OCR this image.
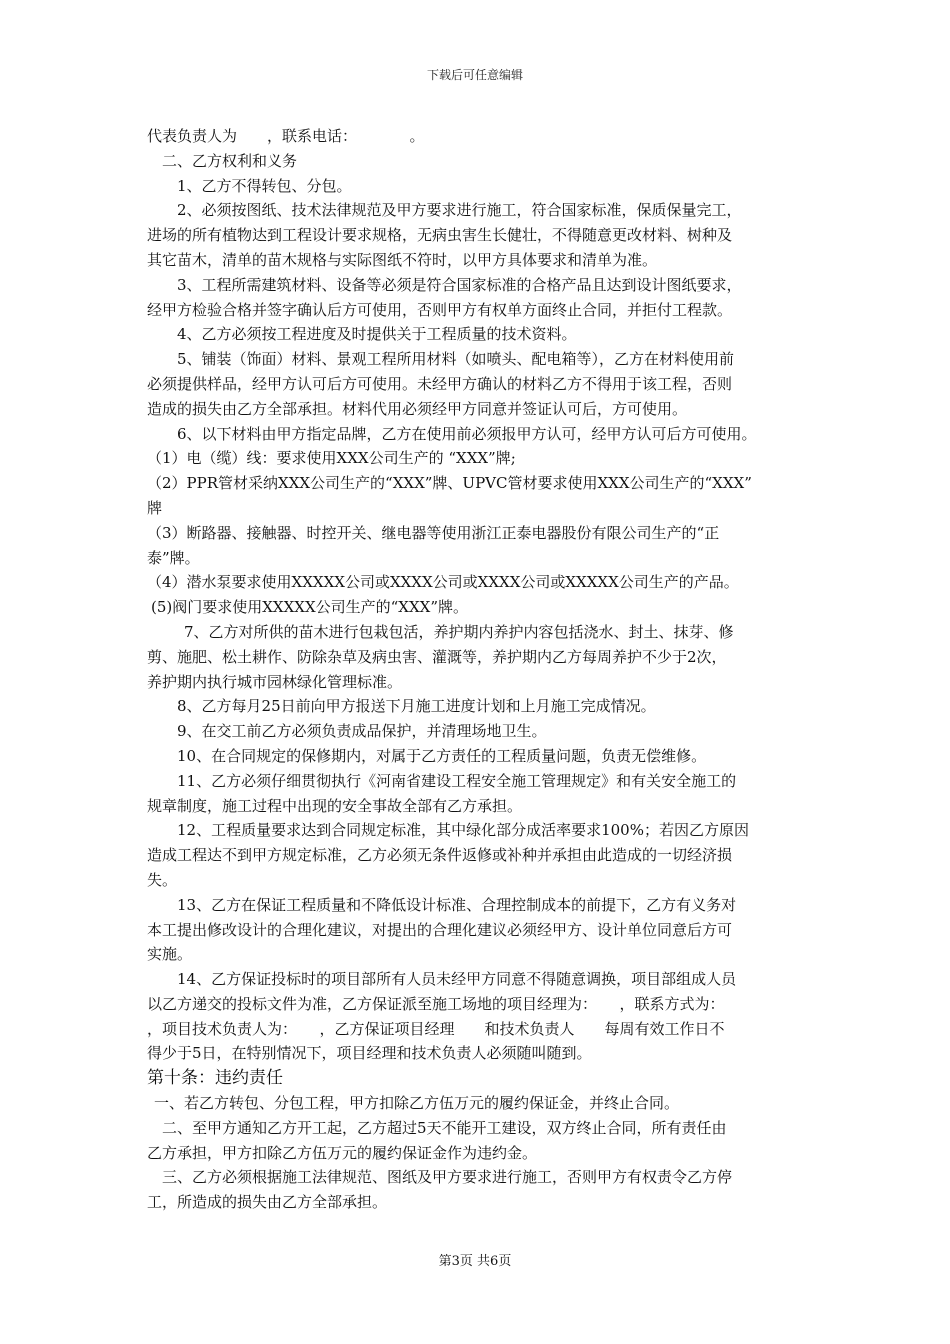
下载后可任意编辑

代表负责人为　　，联系电话：　　　　。

二、乙方权利和义务

1、乙方不得转包、分包。

2、必须按图纸、技术法律规范及甲方要求进行施工，符合国家标准，保质保量完工，

进场的所有植物达到工程设计要求规格，无病虫害生长健壮，不得随意更改材料、树种及

其它苗木，清单的苗木规格与实际图纸不符时，以甲方具体要求和清单为准。

3、工程所需建筑材料、设备等必须是符合国家标准的合格产品且达到设计图纸要求，

经甲方检验合格并签字确认后方可使用，否则甲方有权单方面终止合同，并拒付工程款。

4、乙方必须按工程进度及时提供关于工程质量的技术资料。

5、铺装（饰面）材料、景观工程所用材料（如喷头、配电箱等），乙方在材料使用前

必须提供样品，经甲方认可后方可使用。未经甲方确认的材料乙方不得用于该工程，否则

造成的损失由乙方全部承担。材料代用必须经甲方同意并签证认可后，方可使用。

6、以下材料由甲方指定品牌，乙方在使用前必须报甲方认可，经甲方认可后方可使用。

（1）电（缆）线：要求使用XXX公司生产的 “XXX”牌;

（2）PPR管材采纳XXX公司生产的“XXX”牌、UPVC管材要求使用XXX公司生产的“XXX”

牌

（3）断路器、接触器、时控开关、继电器等使用浙江正泰电器股份有限公司生产的“正

泰”牌。

（4）潜水泵要求使用XXXXX公司或XXXX公司或XXXX公司或XXXXX公司生产的产品。

(5)阀门要求使用XXXXX公司生产的“XXX”牌。

7、乙方对所供的苗木进行包栽包活，养护期内养护内容包括浇水、封土、抹芽、修

剪、施肥、松土耕作、防除杂草及病虫害、灌溉等，养护期内乙方每周养护不少于2次，

养护期内执行城市园林绿化管理标准。

8、乙方每月25日前向甲方报送下月施工进度计划和上月施工完成情况。

9、在交工前乙方必须负责成品保护，并清理场地卫生。

10、在合同规定的保修期内，对属于乙方责任的工程质量问题，负责无偿维修。

11、乙方必须仔细贯彻执行《河南省建设工程安全施工管理规定》和有关安全施工的

规章制度，施工过程中出现的安全事故全部有乙方承担。

12、工程质量要求达到合同规定标准，其中绿化部分成活率要求100%；若因乙方原因

造成工程达不到甲方规定标准，乙方必须无条件返修或补种并承担由此造成的一切经济损

失。

13、乙方在保证工程质量和不降低设计标准、合理控制成本的前提下，乙方有义务对

本工提出修改设计的合理化建议，对提出的合理化建议必须经甲方、设计单位同意后方可

实施。

14、乙方保证投标时的项目部所有人员未经甲方同意不得随意调换，项目部组成人员

以乙方递交的投标文件为准，乙方保证派至施工场地的项目经理为：　　，联系方式为：

，项目技术负责人为：　　，乙方保证项目经理　　和技术负责人　　每周有效工作日不

得少于5日，在特别情况下，项目经理和技术负责人必须随叫随到。

第十条：违约责任

一、若乙方转包、分包工程，甲方扣除乙方伍万元的履约保证金，并终止合同。

二、至甲方通知乙方开工起，乙方超过5天不能开工建设，双方终止合同，所有责任由

乙方承担，甲方扣除乙方伍万元的履约保证金作为违约金。

三、乙方必须根据施工法律规范、图纸及甲方要求进行施工，否则甲方有权责令乙方停

工，所造成的损失由乙方全部承担。

第3页 共6页
